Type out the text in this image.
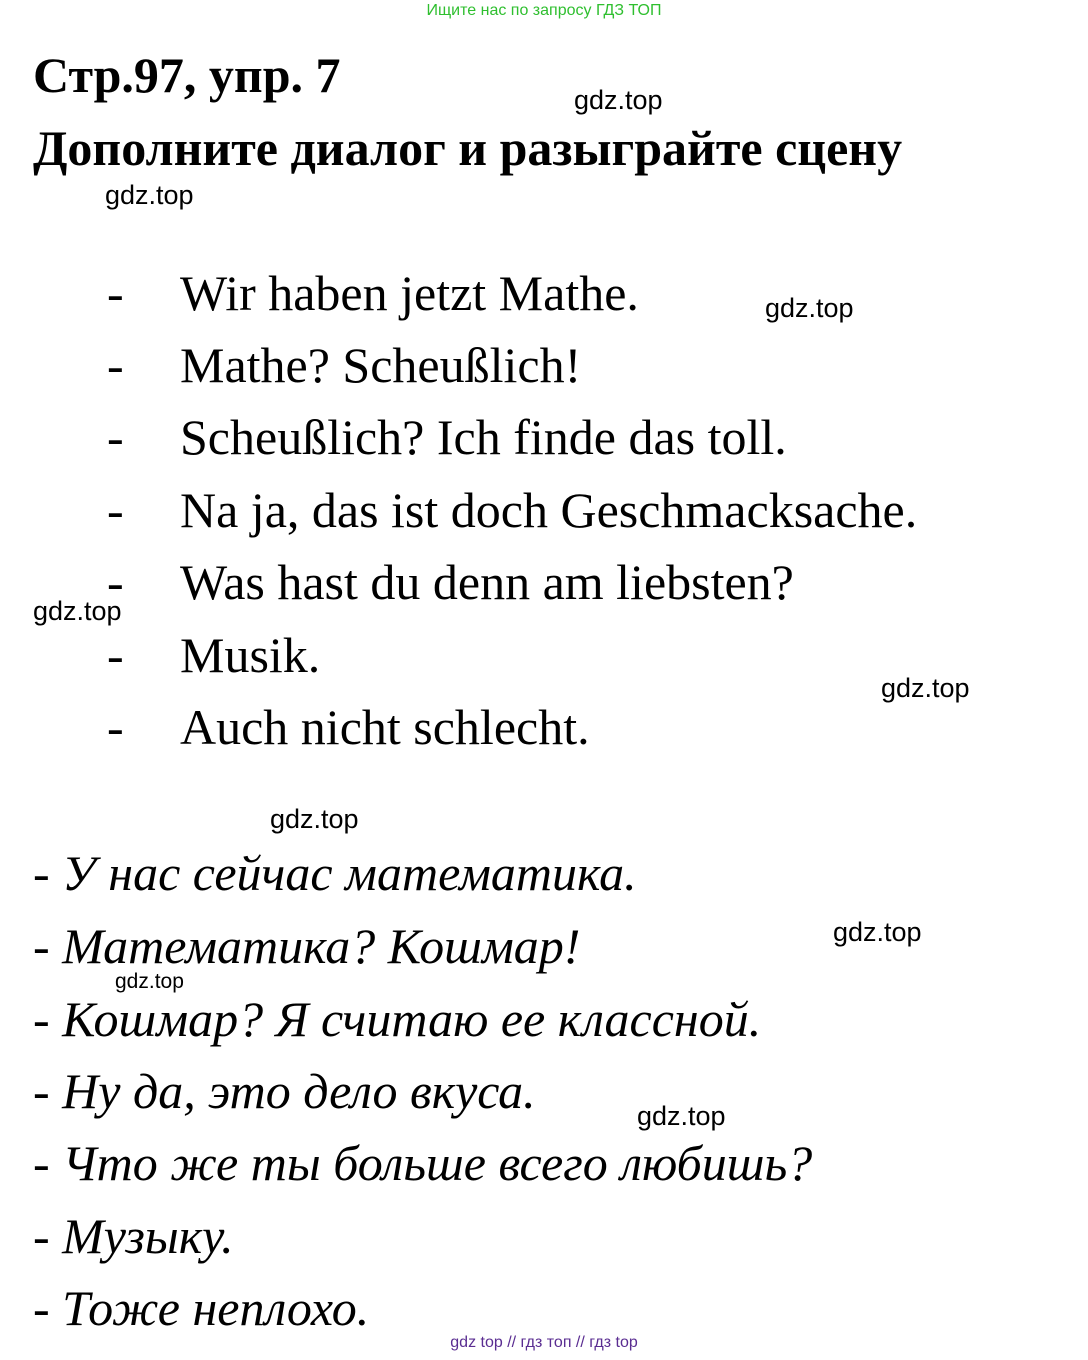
Ищите нас по запросу ГДЗ ТОП
Стр.97, упр. 7
Дополните диалог и разыграйте сцену
gdz.top
gdz.top
gdz.top
gdz.top
gdz.top
gdz.top
gdz.top
gdz.top
gdz.top
- Wir haben jetzt Mathe.
- Mathe? Scheußlich!
- Scheußlich? Ich finde das toll.
- Na ja, das ist doch Geschmacksache.
- Was hast du denn am liebsten?
- Musik.
- Auch nicht schlecht.
- У нас сейчас математика.
- Математика? Кошмар!
- Кошмар? Я считаю ее классной.
- Ну да, это дело вкуса.
- Что же ты больше всего любишь?
- Музыку.
- Тоже неплохо.
gdz top // гдз топ // гдз top
